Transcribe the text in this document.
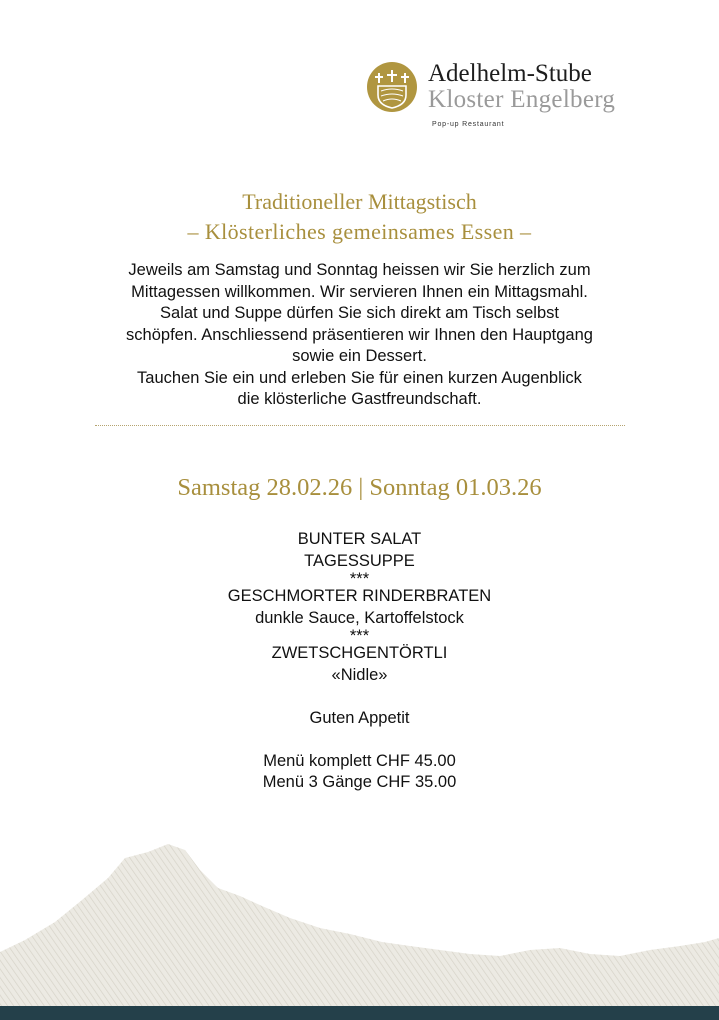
Adelhelm-Stube
Kloster Engelberg
Pop-up Restaurant
Traditioneller Mittagstisch
– Klösterliches gemeinsames Essen –

Jeweils am Samstag und Sonntag heissen wir Sie herzlich zum

Mittagessen willkommen. Wir servieren Ihnen ein Mittagsmahl.

Salat und Suppe dürfen Sie sich direkt am Tisch selbst

schöpfen. Anschliessend präsentieren wir Ihnen den Hauptgang

sowie ein Dessert.

Tauchen Sie ein und erleben Sie für einen kurzen Augenblick

die klösterliche Gastfreundschaft.

Samstag 28.02.26 | Sonntag 01.03.26
BUNTER SALAT
TAGESSUPPE
***
GESCHMORTER RINDERBRATEN
dunkle Sauce, Kartoffelstock
***
ZWETSCHGENTÖRTLI
«Nidle»
Guten Appetit
Menü komplett CHF 45.00
Menü 3 Gänge CHF 35.00
